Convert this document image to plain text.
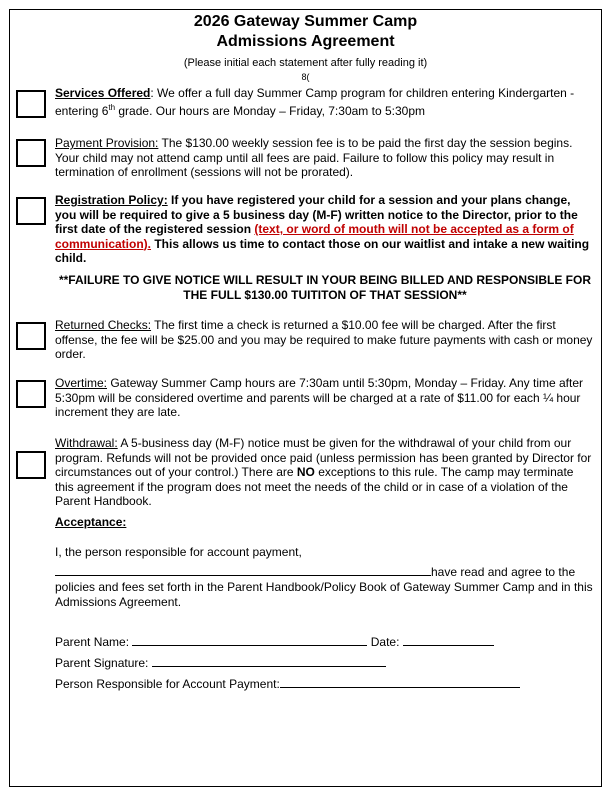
2026 Gateway Summer Camp
Admissions Agreement
(Please initial each statement after fully reading it)
8(
Services Offered: We offer a full day Summer Camp program for children entering Kindergarten - entering 6th grade. Our hours are Monday – Friday, 7:30am to 5:30pm
Payment Provision: The $130.00 weekly session fee is to be paid the first day the session begins. Your child may not attend camp until all fees are paid. Failure to follow this policy may result in termination of enrollment (sessions will not be prorated).
Registration Policy: If you have registered your child for a session and your plans change, you will be required to give a 5 business day (M-F) written notice to the Director, prior to the first date of the registered session (text, or word of mouth will not be accepted as a form of communication). This allows us time to contact those on our waitlist and intake a new waiting child.
**FAILURE TO GIVE NOTICE WILL RESULT IN YOUR BEING BILLED AND RESPONSIBLE FOR THE FULL $130.00 TUITITON OF THAT SESSION**
Returned Checks: The first time a check is returned a $10.00 fee will be charged. After the first offense, the fee will be $25.00 and you may be required to make future payments with cash or money order.
Overtime: Gateway Summer Camp hours are 7:30am until 5:30pm, Monday – Friday. Any time after 5:30pm will be considered overtime and parents will be charged at a rate of $11.00 for each ¼ hour increment they are late.
Withdrawal: A 5-business day (M-F) notice must be given for the withdrawal of your child from our program. Refunds will not be provided once paid (unless permission has been granted by Director for circumstances out of your control.) There are NO exceptions to this rule. The camp may terminate this agreement if the program does not meet the needs of the child or in case of a violation of the Parent Handbook.
Acceptance:
I, the person responsible for account payment,
have read and agree to the
policies and fees set forth in the Parent Handbook/Policy Book of Gateway Summer Camp and in this Admissions Agreement.
Parent Name:	Date:
Parent Signature:
Person Responsible for Account Payment:
